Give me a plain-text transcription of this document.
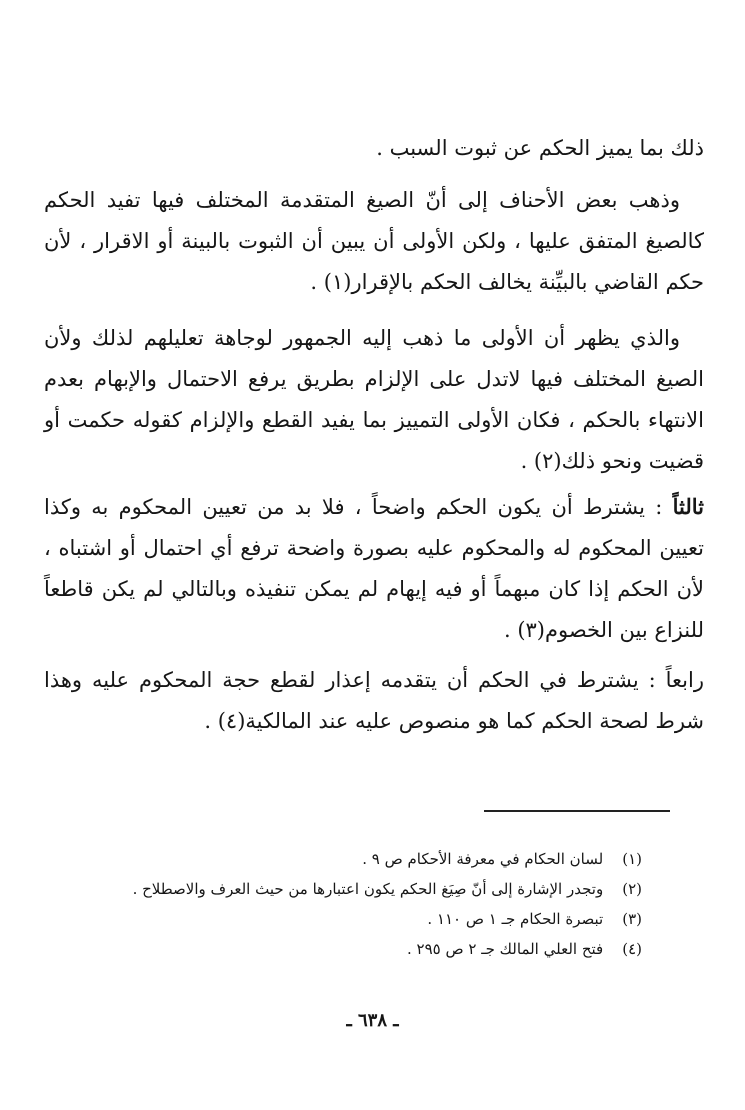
ذلك بما يميز الحكم عن ثبوت السبب .

وذهب بعض الأحناف إلى أنّ الصيغ المتقدمة المختلف فيها تفيد الحكم كالصيغ المتفق عليها ، ولكن الأولى أن يبين أن الثبوت بالبينة أو الاقرار ، لأن حكم القاضي بالبيِّنة يخالف الحكم بالإقرار(١) .

والذي يظهر أن الأولى ما ذهب إليه الجمهور لوجاهة تعليلهم لذلك ولأن الصيغ المختلف فيها لاتدل على الإلزام بطريق يرفع الاحتمال والإبهام بعدم الانتهاء بالحكم ، فكان الأولى التمييز بما يفيد القطع والإلزام كقوله حكمت أو قضيت ونحو ذلك(٢) .

ثالثاً : يشترط أن يكون الحكم واضحاً ، فلا بد من تعيين المحكوم به وكذا تعيين المحكوم له والمحكوم عليه بصورة واضحة ترفع أي احتمال أو اشتباه ، لأن الحكم إذا كان مبهماً أو فيه إيهام لم يمكن تنفيذه وبالتالي لم يكن قاطعاً للنزاع بين الخصوم(٣) .

رابعاً : يشترط في الحكم أن يتقدمه إعذار لقطع حجة المحكوم عليه وهذا شرط لصحة الحكم كما هو منصوص عليه عند المالكية(٤) .

(١) لسان الحكام في معرفة الأحكام ص ٩ .
(٢) وتجدر الإشارة إلى أنّ صِيَغ الحكم يكون اعتبارها من حيث العرف والاصطلاح .
(٣) تبصرة الحكام جـ ١ ص ١١٠ .
(٤) فتح العلي المالك جـ ٢ ص ٢٩٥ .
ـ ٦٣٨ ـ
